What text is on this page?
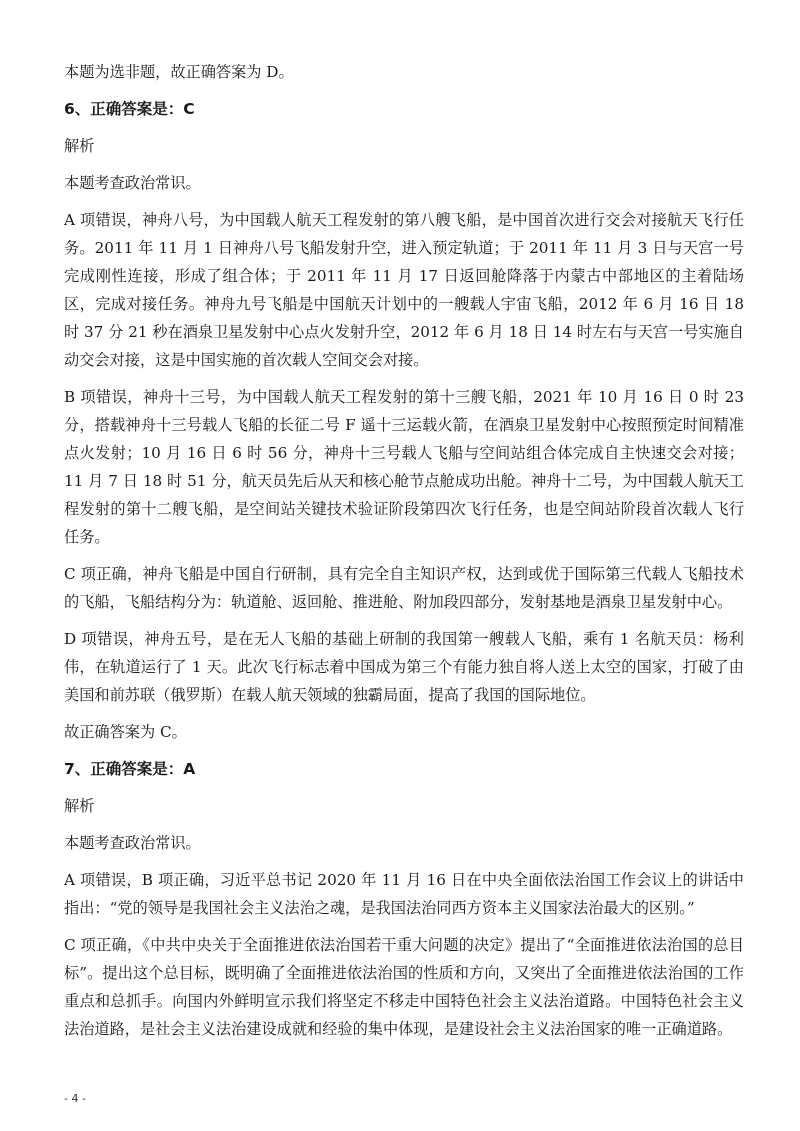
本题为选非题，故正确答案为 D。

6、正确答案是：C

解析

本题考查政治常识。

A 项错误，神舟八号，为中国载人航天工程发射的第八艘飞船，是中国首次进行交会对接航天飞行任务。2011 年 11 月 1 日神舟八号飞船发射升空，进入预定轨道；于 2011 年 11 月 3 日与天宫一号完成刚性连接，形成了组合体；于 2011 年 11 月 17 日返回舱降落于内蒙古中部地区的主着陆场区，完成对接任务。神舟九号飞船是中国航天计划中的一艘载人宇宙飞船，2012 年 6 月 16 日 18 时 37 分 21 秒在酒泉卫星发射中心点火发射升空，2012 年 6 月 18 日 14 时左右与天宫一号实施自动交会对接，这是中国实施的首次载人空间交会对接。

B 项错误，神舟十三号，为中国载人航天工程发射的第十三艘飞船，2021 年 10 月 16 日 0 时 23 分，搭载神舟十三号载人飞船的长征二号 F 遥十三运载火箭，在酒泉卫星发射中心按照预定时间精准点火发射；10 月 16 日 6 时 56 分，神舟十三号载人飞船与空间站组合体完成自主快速交会对接；11 月 7 日 18 时 51 分，航天员先后从天和核心舱节点舱成功出舱。神舟十二号，为中国载人航天工程发射的第十二艘飞船，是空间站关键技术验证阶段第四次飞行任务，也是空间站阶段首次载人飞行任务。

C 项正确，神舟飞船是中国自行研制，具有完全自主知识产权，达到或优于国际第三代载人飞船技术的飞船，飞船结构分为：轨道舱、返回舱、推进舱、附加段四部分，发射基地是酒泉卫星发射中心。

D 项错误，神舟五号，是在无人飞船的基础上研制的我国第一艘载人飞船，乘有 1 名航天员：杨利伟，在轨道运行了 1 天。此次飞行标志着中国成为第三个有能力独自将人送上太空的国家，打破了由美国和前苏联（俄罗斯）在载人航天领域的独霸局面，提高了我国的国际地位。

故正确答案为 C。

7、正确答案是：A

解析

本题考查政治常识。

A 项错误，B 项正确，习近平总书记 2020 年 11 月 16 日在中央全面依法治国工作会议上的讲话中指出：“党的领导是我国社会主义法治之魂，是我国法治同西方资本主义国家法治最大的区别。”

C 项正确，《中共中央关于全面推进依法治国若干重大问题的决定》提出了“全面推进依法治国的总目标”。提出这个总目标，既明确了全面推进依法治国的性质和方向，又突出了全面推进依法治国的工作重点和总抓手。向国内外鲜明宣示我们将坚定不移走中国特色社会主义法治道路。中国特色社会主义法治道路，是社会主义法治建设成就和经验的集中体现，是建设社会主义法治国家的唯一正确道路。

- 4 -
